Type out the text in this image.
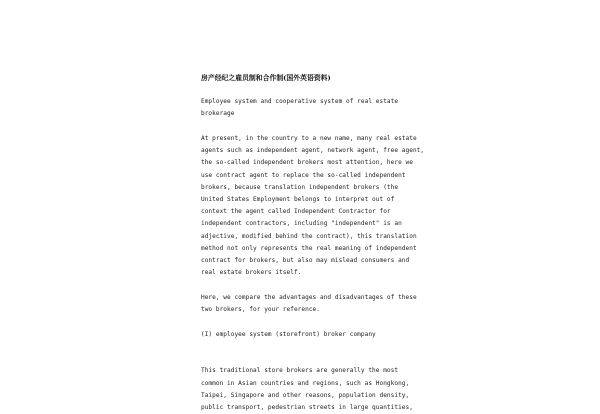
房产经纪之雇员制和合作制(国外英语资料)

Employee system and cooperative system of real estate
brokerage

At present, in the country to a new name, many real estate
agents such as independent agent, network agent, free agent,
the so-called independent brokers most attention, here we
use contract agent to replace the so-called independent
brokers, because translation independent brokers (the
United States Employment belongs to interpret out of
context the agent called Independent Contractor for
independent contractors, including "independent" is an
adjective, modified behind the contract), this translation
method not only represents the real meaning of independent
contract for brokers, but also may mislead consumers and
real estate brokers itself.

Here, we compare the advantages and disadvantages of these
two brokers, for your reference.

(I) employee system (storefront) broker company

This traditional store brokers are generally the most
common in Asian countries and regions, such as Hongkong,
Taipei, Singapore and other reasons, population density,
public transport, pedestrian streets in large quantities,
